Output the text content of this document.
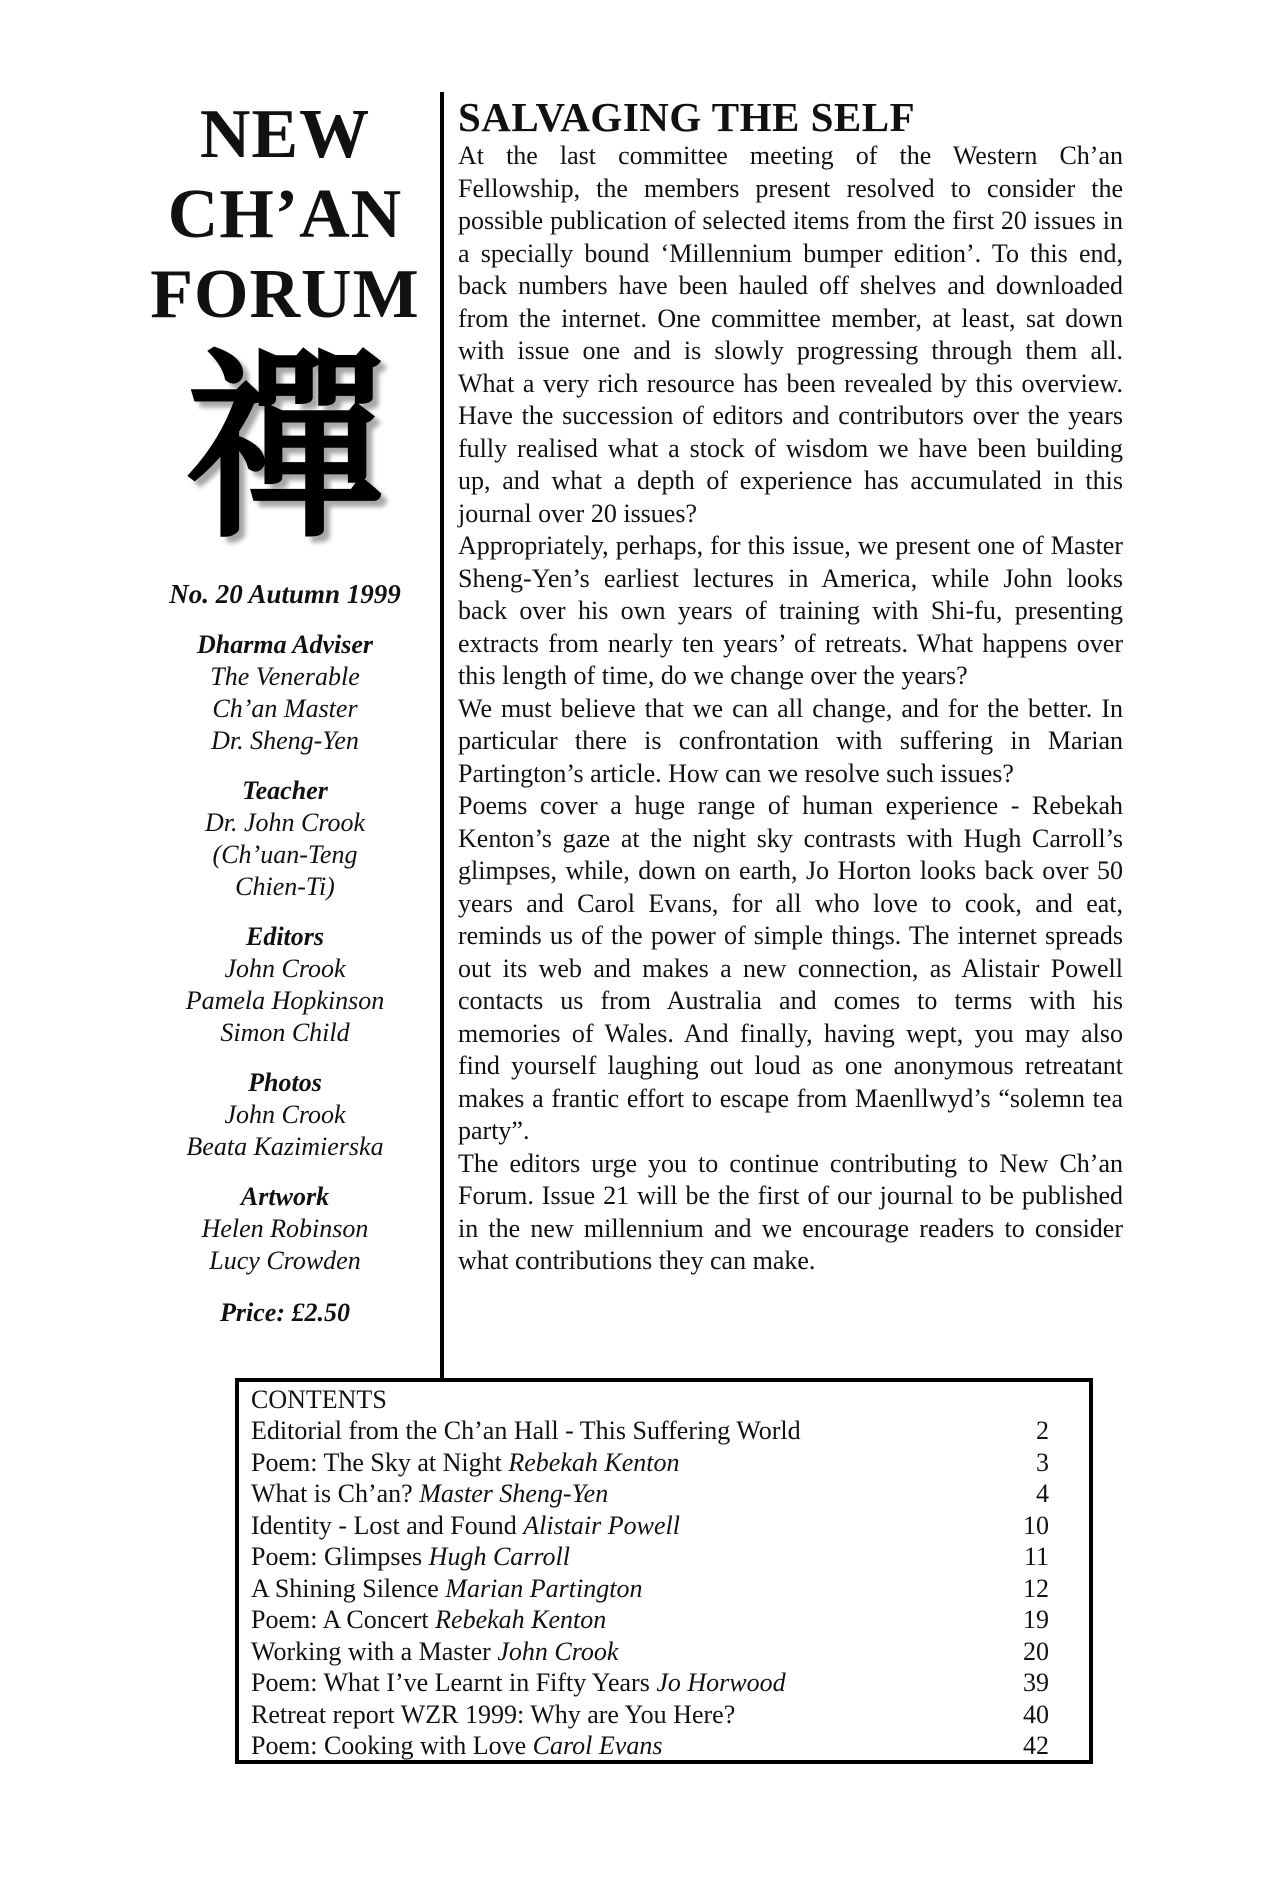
NEW
CH’AN
FORUM
禪
No. 20 Autumn 1999
Dharma Adviser
The Venerable
Ch’an Master
Dr. Sheng-Yen
Teacher
Dr. John Crook
(Ch’uan-Teng
Chien-Ti)
Editors
John Crook
Pamela Hopkinson
Simon Child
Photos
John Crook
Beata Kazimierska
Artwork
Helen Robinson
Lucy Crowden
Price: £2.50
SALVAGING THE SELF

At the last committee meeting of the Western Ch’an Fellowship, the members present resolved to consider the possible publication of selected items from the first 20 issues in a specially bound ‘Millennium bumper edition’. To this end, back numbers have been hauled off shelves and downloaded from the internet. One committee member, at least, sat down with issue one and is slowly progressing through them all. What a very rich resource has been revealed by this overview. Have the succession of editors and contributors over the years fully realised what a stock of wisdom we have been building up, and what a depth of experience has accumulated in this journal over 20 issues?

Appropriately, perhaps, for this issue, we present one of Master Sheng-Yen’s earliest lectures in America, while John looks back over his own years of training with Shi-fu, presenting extracts from nearly ten years’ of retreats. What happens over this length of time, do we change over the years?

We must believe that we can all change, and for the better. In particular there is confrontation with suffering in Marian Partington’s article. How can we resolve such issues?

Poems cover a huge range of human experience - Rebekah Kenton’s gaze at the night sky contrasts with Hugh Carroll’s glimpses, while, down on earth, Jo Horton looks back over 50 years and Carol Evans, for all who love to cook, and eat, reminds us of the power of simple things. The internet spreads out its web and makes a new connection, as Alistair Powell contacts us from Australia and comes to terms with his memories of Wales. And finally, having wept, you may also find yourself laughing out loud as one anonymous retreatant makes a frantic effort to escape from Maenllwyd’s “solemn tea party”.

The editors urge you to continue contributing to New Ch’an Forum. Issue 21 will be the first of our journal to be published in the new millennium and we encourage readers to consider what contributions they can make.

CONTENTS
Editorial from the Ch’an Hall - This Suffering World	2
Poem: The Sky at Night Rebekah Kenton	3
What is Ch’an? Master Sheng-Yen	4
Identity - Lost and Found Alistair Powell	10
Poem: Glimpses Hugh Carroll	11
A Shining Silence Marian Partington	12
Poem: A Concert Rebekah Kenton	19
Working with a Master John Crook	20
Poem: What I’ve Learnt in Fifty Years Jo Horwood	39
Retreat report WZR 1999: Why are You Here?	40
Poem: Cooking with Love Carol Evans	42
